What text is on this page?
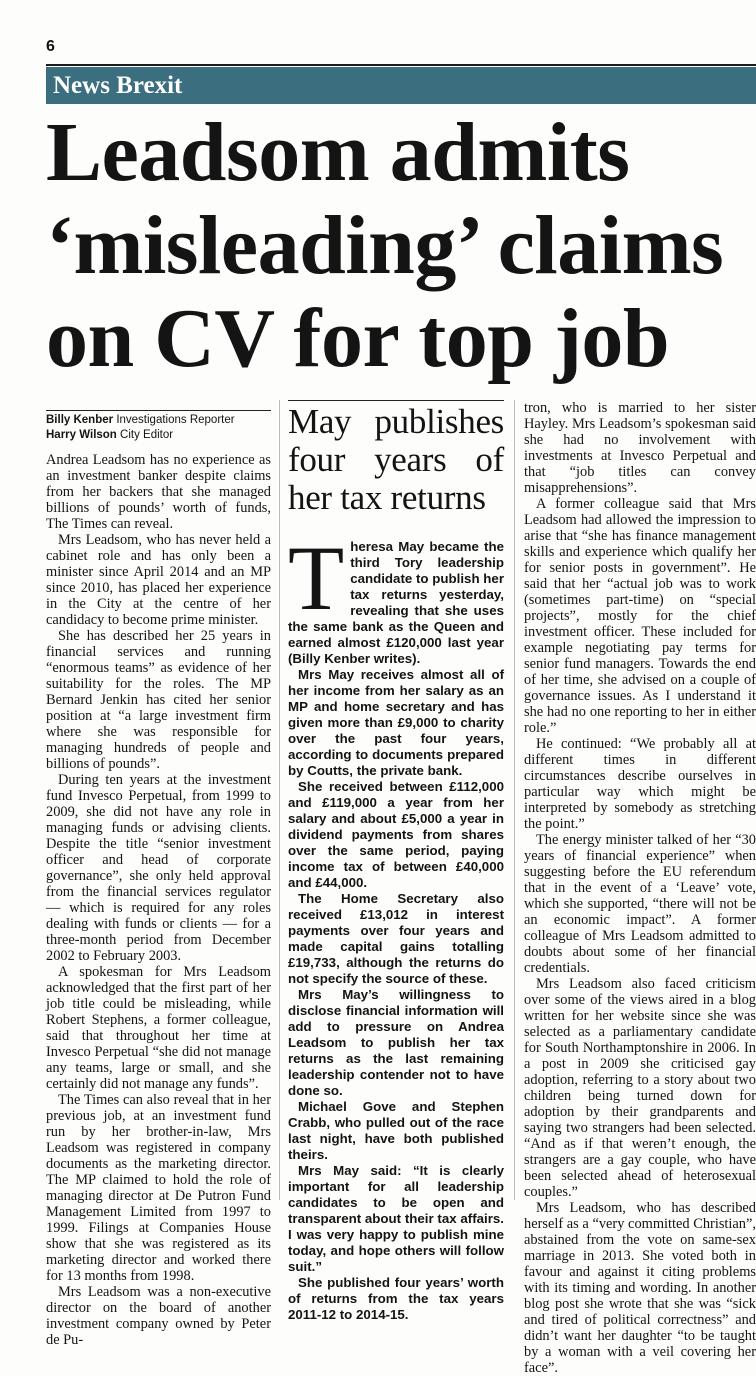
6
News Brexit
Leadsom admits ‘misleading’ claims on CV for top job
Billy Kenber Investigations Reporter
Harry Wilson City Editor

Andrea Leadsom has no experience as an investment banker despite claims from her backers that she managed billions of pounds’ worth of funds, The Times can reveal.

Mrs Leadsom, who has never held a cabinet role and has only been a minister since April 2014 and an MP since 2010, has placed her experience in the City at the centre of her candidacy to become prime minister.

She has described her 25 years in financial services and running “enormous teams” as evidence of her suitability for the roles. The MP Bernard Jenkin has cited her senior position at “a large investment firm where she was responsible for managing hundreds of people and billions of pounds”.

During ten years at the investment fund Invesco Perpetual, from 1999 to 2009, she did not have any role in managing funds or advising clients. Despite the title “senior investment officer and head of corporate governance”, she only held approval from the financial services regulator — which is required for any roles dealing with funds or clients — for a three-month period from December 2002 to February 2003.

A spokesman for Mrs Leadsom acknowledged that the first part of her job title could be misleading, while Robert Stephens, a former colleague, said that throughout her time at Invesco Perpetual “she did not manage any teams, large or small, and she certainly did not manage any funds”.

The Times can also reveal that in her previous job, at an investment fund run by her brother-in-law, Mrs Leadsom was registered in company documents as the marketing director. The MP claimed to hold the role of managing director at De Putron Fund Management Limited from 1997 to 1999. Filings at Companies House show that she was registered as its marketing director and worked there for 13 months from 1998.

Mrs Leadsom was a non-executive director on the board of another investment company owned by Peter de Pu-

May publishes four years of her tax returns
Theresa May became the third Tory leadership candidate to publish her tax returns yesterday, revealing that she uses the same bank as the Queen and earned almost £120,000 last year (Billy Kenber writes).

Mrs May receives almost all of her income from her salary as an MP and home secretary and has given more than £9,000 to charity over the past four years, according to documents prepared by Coutts, the private bank.

She received between £112,000 and £119,000 a year from her salary and about £5,000 a year in dividend payments from shares over the same period, paying income tax of between £40,000 and £44,000.

The Home Secretary also received £13,012 in interest payments over four years and made capital gains totalling £19,733, although the returns do not specify the source of these.

Mrs May’s willingness to disclose financial information will add to pressure on Andrea Leadsom to publish her tax returns as the last remaining leadership contender not to have done so.

Michael Gove and Stephen Crabb, who pulled out of the race last night, have both published theirs.

Mrs May said: “It is clearly important for all leadership candidates to be open and transparent about their tax affairs. I was very happy to publish mine today, and hope others will follow suit.”

She published four years’ worth of returns from the tax years 2011-12 to 2014-15.

tron, who is married to her sister Hayley. Mrs Leadsom’s spokesman said she had no involvement with investments at Invesco Perpetual and that “job titles can convey misapprehensions”.

A former colleague said that Mrs Leadsom had allowed the impression to arise that “she has finance management skills and experience which qualify her for senior posts in government”. He said that her “actual job was to work (sometimes part-time) on “special projects”, mostly for the chief investment officer. These included for example negotiating pay terms for senior fund managers. Towards the end of her time, she advised on a couple of governance issues. As I understand it she had no one reporting to her in either role.”

He continued: “We probably all at different times in different circumstances describe ourselves in particular way which might be interpreted by somebody as stretching the point.”

The energy minister talked of her “30 years of financial experience” when suggesting before the EU referendum that in the event of a ‘Leave’ vote, which she supported, “there will not be an economic impact”. A former colleague of Mrs Leadsom admitted to doubts about some of her financial credentials.

Mrs Leadsom also faced criticism over some of the views aired in a blog written for her website since she was selected as a parliamentary candidate for South Northamptonshire in 2006. In a post in 2009 she criticised gay adoption, referring to a story about two children being turned down for adoption by their grandparents and saying two strangers had been selected. “And as if that weren’t enough, the strangers are a gay couple, who have been selected ahead of heterosexual couples.”

Mrs Leadsom, who has described herself as a “very committed Christian”, abstained from the vote on same-sex marriage in 2013. She voted both in favour and against it citing problems with its timing and wording. In another blog post she wrote that she was “sick and tired of political correctness” and didn’t want her daughter “to be taught by a woman with a veil covering her face”.
